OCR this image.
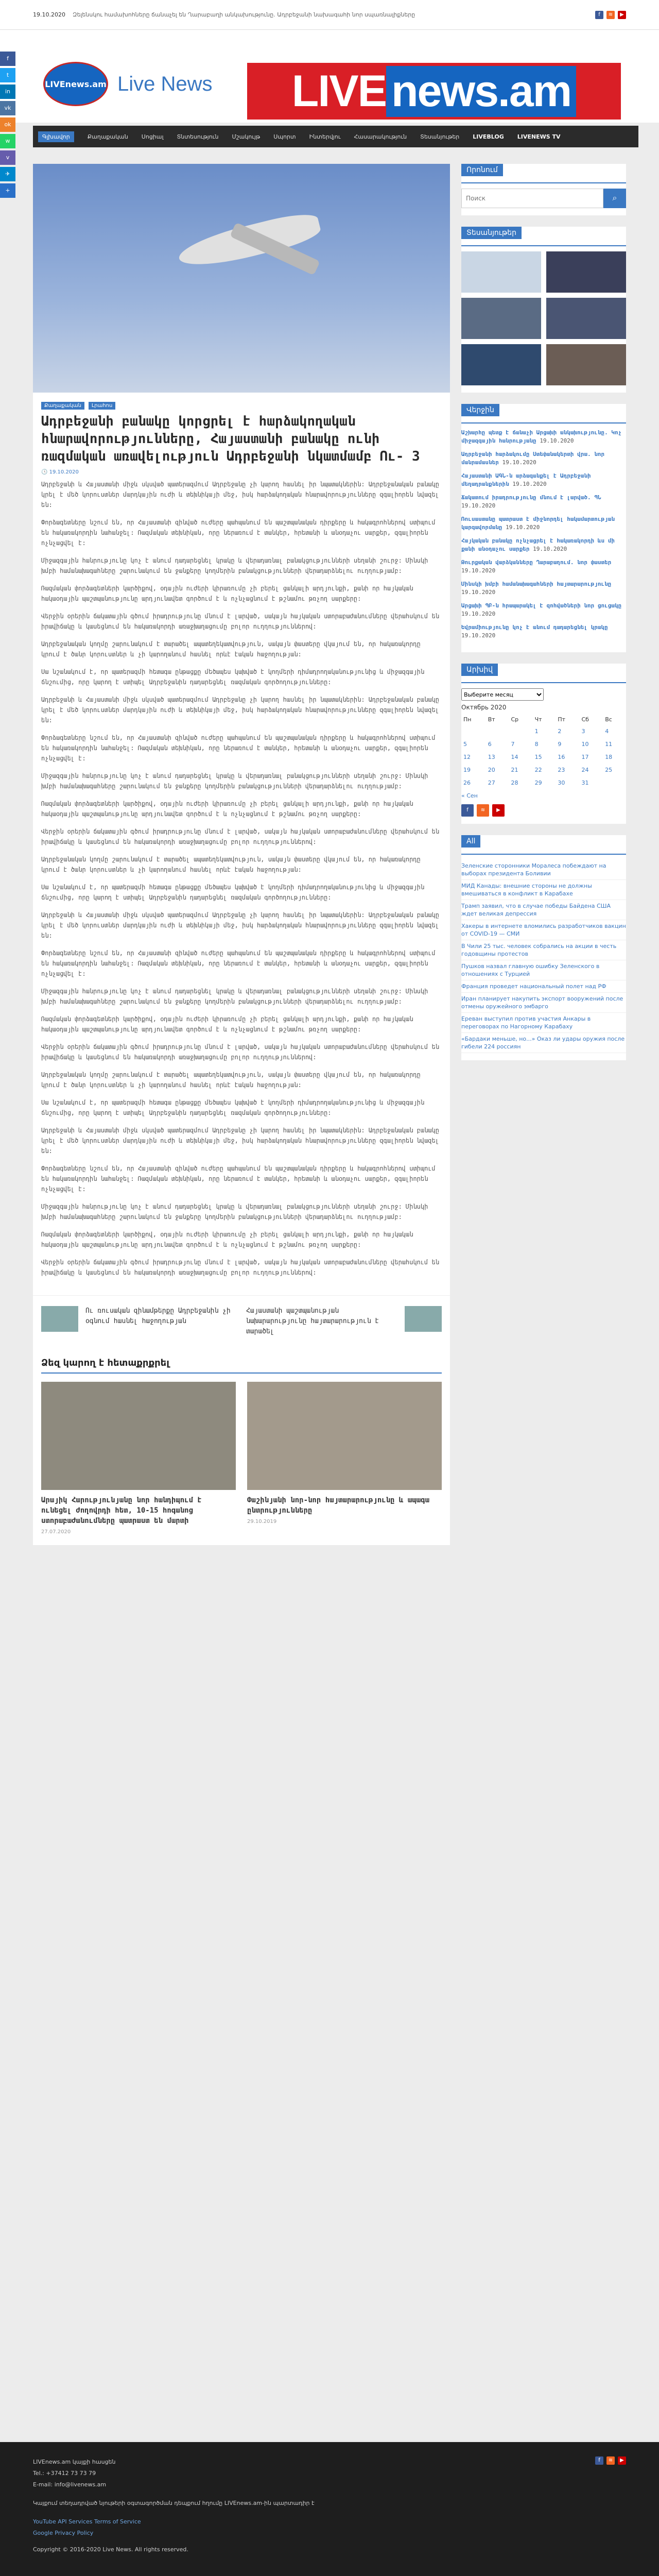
19.10.2020 Զելենսկու համախոհները ճանաչել են Ղարաբաղի անկախությունը. Ադրբեջանի նախագահի նոր սպառնալիքները	f	≋	▶
LIVEnews.am Live News LIVE news.am
Գլխավոր	Քաղաքական Սոցիալ Տնտեսություն Մշակույթ Սպորտ Ինտերվյու Հասարակություն Տեսանյութեր LIVEBLOG LIVENEWS TV
f
t
in
vk
ok
w
v
✈
+
Քաղաքական	Լրահոս
Ադրբեջանի բանակը կորցրել է հարձակողական հնարավորությունները, Հայաստանի բանակը ունի ռազմական առավելություն Ադրբեջանի նկատմամբ Ու- 3
🕓 19.10.2020
Ադրբեջանի և Հայաստանի միջև սկսված պատերազմում Ադրբեջանը չի կարող հասնել իր նպատակներին: Ադրբեջանական բանակը կրել է մեծ կորուստներ մարդկային ուժի և տեխնիկայի մեջ, իսկ հարձակողական հնարավորությունները զգալիորեն նվազել են:
Փորձագետները նշում են, որ Հայաստանի զինված ուժերը պահպանում են պաշտպանական դիրքերը և հակագրոհներով ստիպում են հակառակորդին նահանջել: Ռազմական տեխնիկան, որը ներառում է տանկեր, հրետանի և անօդաչու սարքեր, զգալիորեն ոչնչացվել է:
Միջազգային հանրությունը կոչ է անում դադարեցնել կրակը և վերադառնալ բանակցությունների սեղանի շուրջ: Մինսկի խմբի համանախագահները շարունակում են ջանքերը կողմերին բանակցությունների վերադարձնելու ուղղությամբ:
Ռազմական փորձագետների կարծիքով, օդային ուժերի կիրառումը չի բերել ցանկալի արդյունքի, քանի որ հայկական հակաօդային պաշտպանությունը արդյունավետ գործում է և ոչնչացնում է թշնամու թռչող սարքերը:
Վերջին օրերին ճակատային գծում իրադրությունը մնում է լարված, սակայն հայկական ստորաբաժանումները վերահսկում են իրավիճակը և կասեցնում են հակառակորդի առաջխաղացումը բոլոր ուղղություններով:
Ադրբեջանական կողմը շարունակում է տարածել ապատեղեկատվություն, սակայն փաստերը վկայում են, որ հակառակորդը կրում է ծանր կորուստներ և չի կարողանում հասնել որևէ էական հաջողության:
Սա նշանակում է, որ պատերազմի հետագա ընթացքը մեծապես կախված է կողմերի դիմադրողականությունից և միջազգային ճնշումից, որը կարող է ստիպել Ադրբեջանին դադարեցնել ռազմական գործողությունները:
Ադրբեջանի և Հայաստանի միջև սկսված պատերազմում Ադրբեջանը չի կարող հասնել իր նպատակներին: Ադրբեջանական բանակը կրել է մեծ կորուստներ մարդկային ուժի և տեխնիկայի մեջ, իսկ հարձակողական հնարավորությունները զգալիորեն նվազել են:
Փորձագետները նշում են, որ Հայաստանի զինված ուժերը պահպանում են պաշտպանական դիրքերը և հակագրոհներով ստիպում են հակառակորդին նահանջել: Ռազմական տեխնիկան, որը ներառում է տանկեր, հրետանի և անօդաչու սարքեր, զգալիորեն ոչնչացվել է:
Միջազգային հանրությունը կոչ է անում դադարեցնել կրակը և վերադառնալ բանակցությունների սեղանի շուրջ: Մինսկի խմբի համանախագահները շարունակում են ջանքերը կողմերին բանակցությունների վերադարձնելու ուղղությամբ:
Ռազմական փորձագետների կարծիքով, օդային ուժերի կիրառումը չի բերել ցանկալի արդյունքի, քանի որ հայկական հակաօդային պաշտպանությունը արդյունավետ գործում է և ոչնչացնում է թշնամու թռչող սարքերը:
Վերջին օրերին ճակատային գծում իրադրությունը մնում է լարված, սակայն հայկական ստորաբաժանումները վերահսկում են իրավիճակը և կասեցնում են հակառակորդի առաջխաղացումը բոլոր ուղղություններով:
Ադրբեջանական կողմը շարունակում է տարածել ապատեղեկատվություն, սակայն փաստերը վկայում են, որ հակառակորդը կրում է ծանր կորուստներ և չի կարողանում հասնել որևէ էական հաջողության:
Սա նշանակում է, որ պատերազմի հետագա ընթացքը մեծապես կախված է կողմերի դիմադրողականությունից և միջազգային ճնշումից, որը կարող է ստիպել Ադրբեջանին դադարեցնել ռազմական գործողությունները:
Ադրբեջանի և Հայաստանի միջև սկսված պատերազմում Ադրբեջանը չի կարող հասնել իր նպատակներին: Ադրբեջանական բանակը կրել է մեծ կորուստներ մարդկային ուժի և տեխնիկայի մեջ, իսկ հարձակողական հնարավորությունները զգալիորեն նվազել են:
Փորձագետները նշում են, որ Հայաստանի զինված ուժերը պահպանում են պաշտպանական դիրքերը և հակագրոհներով ստիպում են հակառակորդին նահանջել: Ռազմական տեխնիկան, որը ներառում է տանկեր, հրետանի և անօդաչու սարքեր, զգալիորեն ոչնչացվել է:
Միջազգային հանրությունը կոչ է անում դադարեցնել կրակը և վերադառնալ բանակցությունների սեղանի շուրջ: Մինսկի խմբի համանախագահները շարունակում են ջանքերը կողմերին բանակցությունների վերադարձնելու ուղղությամբ:
Ռազմական փորձագետների կարծիքով, օդային ուժերի կիրառումը չի բերել ցանկալի արդյունքի, քանի որ հայկական հակաօդային պաշտպանությունը արդյունավետ գործում է և ոչնչացնում է թշնամու թռչող սարքերը:
Վերջին օրերին ճակատային գծում իրադրությունը մնում է լարված, սակայն հայկական ստորաբաժանումները վերահսկում են իրավիճակը և կասեցնում են հակառակորդի առաջխաղացումը բոլոր ուղղություններով:
Ադրբեջանական կողմը շարունակում է տարածել ապատեղեկատվություն, սակայն փաստերը վկայում են, որ հակառակորդը կրում է ծանր կորուստներ և չի կարողանում հասնել որևէ էական հաջողության:
Սա նշանակում է, որ պատերազմի հետագա ընթացքը մեծապես կախված է կողմերի դիմադրողականությունից և միջազգային ճնշումից, որը կարող է ստիպել Ադրբեջանին դադարեցնել ռազմական գործողությունները:
Ադրբեջանի և Հայաստանի միջև սկսված պատերազմում Ադրբեջանը չի կարող հասնել իր նպատակներին: Ադրբեջանական բանակը կրել է մեծ կորուստներ մարդկային ուժի և տեխնիկայի մեջ, իսկ հարձակողական հնարավորությունները զգալիորեն նվազել են:
Փորձագետները նշում են, որ Հայաստանի զինված ուժերը պահպանում են պաշտպանական դիրքերը և հակագրոհներով ստիպում են հակառակորդին նահանջել: Ռազմական տեխնիկան, որը ներառում է տանկեր, հրետանի և անօդաչու սարքեր, զգալիորեն ոչնչացվել է:
Միջազգային հանրությունը կոչ է անում դադարեցնել կրակը և վերադառնալ բանակցությունների սեղանի շուրջ: Մինսկի խմբի համանախագահները շարունակում են ջանքերը կողմերին բանակցությունների վերադարձնելու ուղղությամբ:
Ռազմական փորձագետների կարծիքով, օդային ուժերի կիրառումը չի բերել ցանկալի արդյունքի, քանի որ հայկական հակաօդային պաշտպանությունը արդյունավետ գործում է և ոչնչացնում է թշնամու թռչող սարքերը:
Վերջին օրերին ճակատային գծում իրադրությունը մնում է լարված, սակայն հայկական ստորաբաժանումները վերահսկում են իրավիճակը և կասեցնում են հակառակորդի առաջխաղացումը բոլոր ուղղություններով:
Ու ռուսական զինամթերքը Ադրբեջանին չի օգնում հասնել հաջողության
Հայաստանի պաշտպանության նախարարությունը հայտարարություն է տարածել
Ձեզ կարող է հետաքրքրել
Արայիկ Հարությունյանը նոր հանդիպում է ունեցել ժողովրդի հետ, 10-15 հոգանոց ստորաբաժանումները պատրաստ են մարտի
27.07.2020
Փաշինյանի նոր-նոր հայտարարությունը և ապագա ընտրությունները
29.10.2019
Որոնում
Поиск
⌕
Տեսանյութեր
Վերջին
Աշխարհը պետք է ճանաչի Արցախի անկախությունը. Կոչ միջազգային հանրությանը 19.10.2020
Ադրբեջանի հարձակումը Ստեփանակերտի վրա. նոր մանրամասներ 19.10.2020
Հայաստանի ԱԳՆ-ն արձագանքել է Ադրբեջանի մեղադրանքներին 19.10.2020
Ճակատում իրադրությունը մնում է լարված. ՊՆ 19.10.2020
Ռուսաստանը պատրաստ է միջնորդել հակամարտության կարգավորմանը 19.10.2020
Հայկական բանակը ոչնչացրել է հակառակորդի ևս մի քանի անօդաչու սարքեր 19.10.2020
Թուրքական վարձկանները Ղարաբաղում. նոր փաստեր 19.10.2020
Մինսկի խմբի համանախագահների հայտարարությունը 19.10.2020
Արցախի ՊԲ-ն հրապարակել է զոհվածների նոր ցուցակը 19.10.2020
Եվրամիությունը կոչ է անում դադարեցնել կրակը 19.10.2020
Արխիվ
Выберите месяц
Октябрь 2020
Пн	Вт	Ср	Чт	Пт	Сб	Вс
			1	2	3	4
5	6	7	8	9	10	11
12	13	14	15	16	17	18
19	20	21	22	23	24	25
26	27	28	29	30	31	
« Сен
f	≋	▶
All
Зеленские сторонники Моралеса побеждают на выборах президента Боливии
МИД Канады: внешние стороны не должны вмешиваться в конфликт в Карабахе
Трамп заявил, что в случае победы Байдена США ждет великая депрессия
Хакеры в интернете вломились разработчиков вакцин от COVID-19 — СМИ
В Чили 25 тыс. человек собрались на акции в честь годовщины протестов
Пушков назвал главную ошибку Зеленского в отношениях с Турцией
Франция проведет национальный полет над РФ
Иран планирует накупить экспорт вооружений после отмены оружейного эмбарго
Ереван выступил против участия Анкары в переговорах по Нагорному Карабаху
«Бардаки меньше, но...» Оказ ли удары оружия после гибели 224 россиян
LIVEnews.am կայքի հասցեն
Tel.: +37412 73 73 79
E-mail: info@livenews.am
Կայքում տեղադրված նյութերի օգտագործման դեպքում հղումը LIVEnews.am-ին պարտադիր է
YouTube API Services Terms of Service
Google Privacy Policy
Copyright © 2016-2020 Live News. All rights reserved.
f	≋	▶
